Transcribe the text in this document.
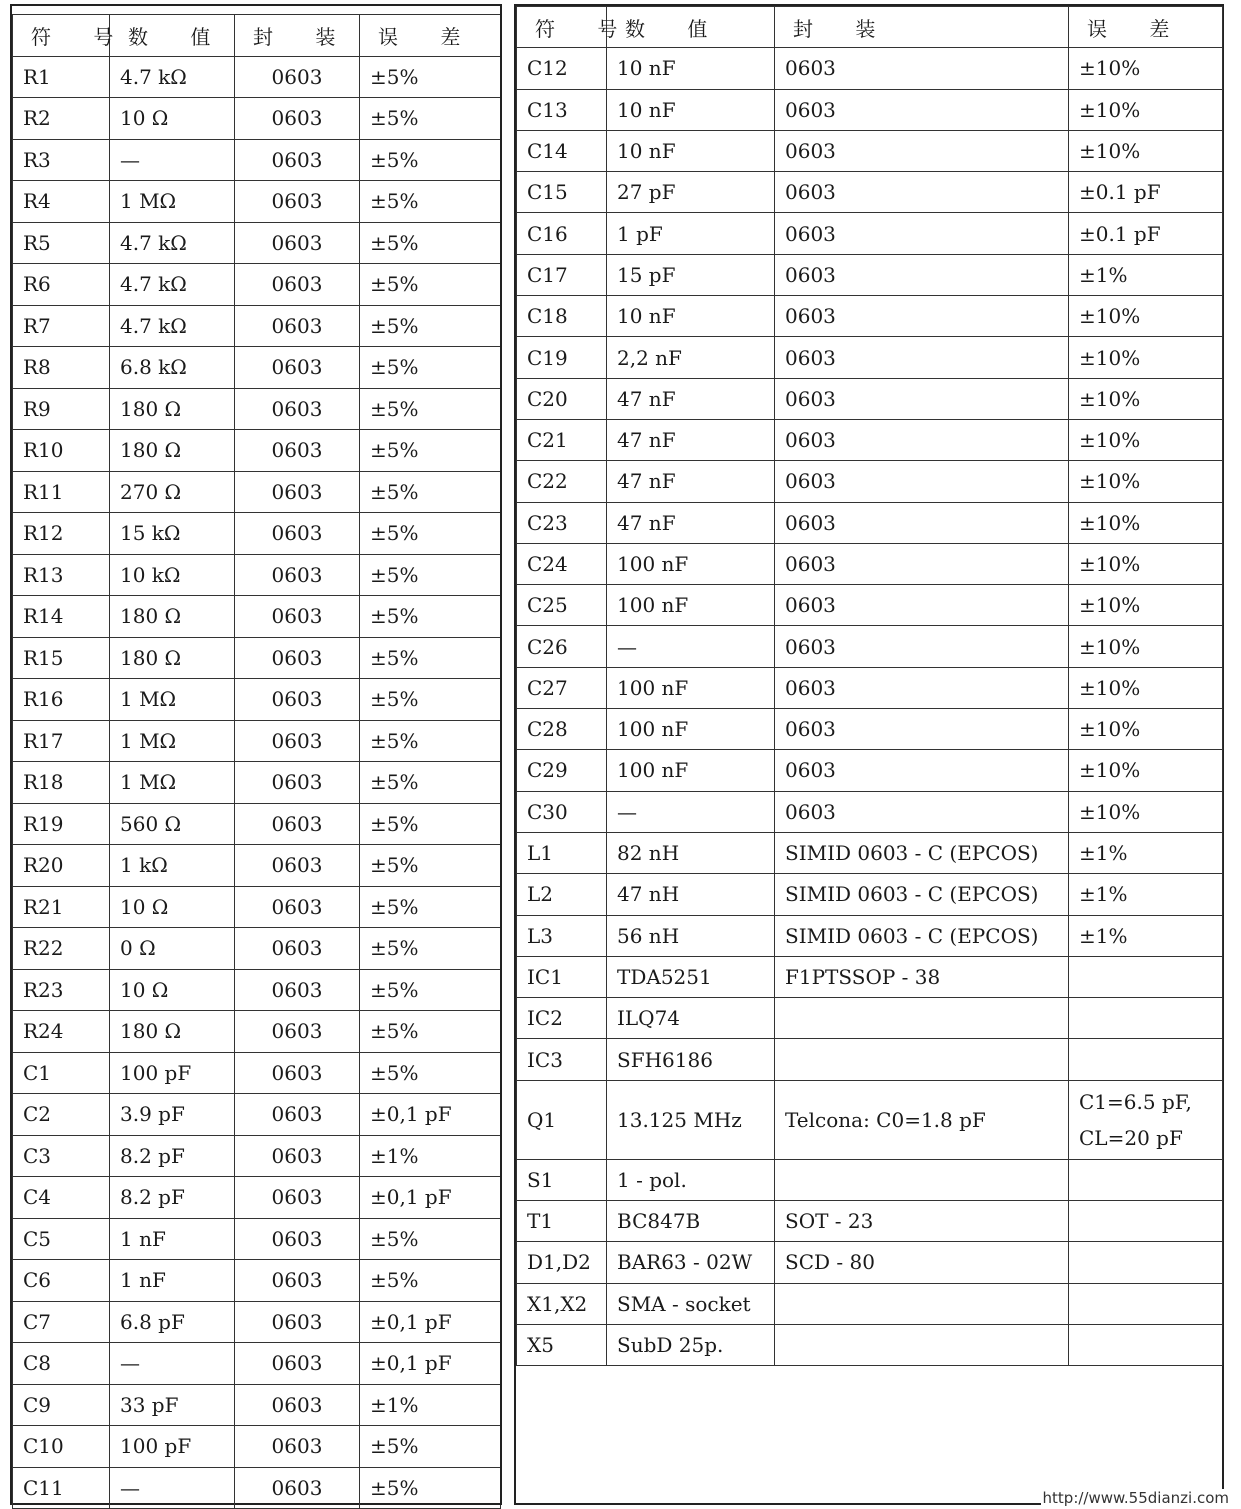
符 号	数 值	封 装	误 差
R1	4.7 kΩ	0603	±5%
R2	10 Ω	0603	±5%
R3	—	0603	±5%
R4	1 MΩ	0603	±5%
R5	4.7 kΩ	0603	±5%
R6	4.7 kΩ	0603	±5%
R7	4.7 kΩ	0603	±5%
R8	6.8 kΩ	0603	±5%
R9	180 Ω	0603	±5%
R10	180 Ω	0603	±5%
R11	270 Ω	0603	±5%
R12	15 kΩ	0603	±5%
R13	10 kΩ	0603	±5%
R14	180 Ω	0603	±5%
R15	180 Ω	0603	±5%
R16	1 MΩ	0603	±5%
R17	1 MΩ	0603	±5%
R18	1 MΩ	0603	±5%
R19	560 Ω	0603	±5%
R20	1 kΩ	0603	±5%
R21	10 Ω	0603	±5%
R22	0 Ω	0603	±5%
R23	10 Ω	0603	±5%
R24	180 Ω	0603	±5%
C1	100 pF	0603	±5%
C2	3.9 pF	0603	±0,1 pF
C3	8.2 pF	0603	±1%
C4	8.2 pF	0603	±0,1 pF
C5	1 nF	0603	±5%
C6	1 nF	0603	±5%
C7	6.8 pF	0603	±0,1 pF
C8	—	0603	±0,1 pF
C9	33 pF	0603	±1%
C10	100 pF	0603	±5%
C11	—	0603	±5%
符 号	数 值	封 装	误 差
C12	10 nF	0603	±10%
C13	10 nF	0603	±10%
C14	10 nF	0603	±10%
C15	27 pF	0603	±0.1 pF
C16	1 pF	0603	±0.1 pF
C17	15 pF	0603	±1%
C18	10 nF	0603	±10%
C19	2,2 nF	0603	±10%
C20	47 nF	0603	±10%
C21	47 nF	0603	±10%
C22	47 nF	0603	±10%
C23	47 nF	0603	±10%
C24	100 nF	0603	±10%
C25	100 nF	0603	±10%
C26	—	0603	±10%
C27	100 nF	0603	±10%
C28	100 nF	0603	±10%
C29	100 nF	0603	±10%
C30	—	0603	±10%
L1	82 nH	SIMID 0603 - C (EPCOS)	±1%
L2	47 nH	SIMID 0603 - C (EPCOS)	±1%
L3	56 nH	SIMID 0603 - C (EPCOS)	±1%
IC1	TDA5251	F1PTSSOP - 38	
IC2	ILQ74		
IC3	SFH6186		
Q1	13.125 MHz	Telcona: C0=1.8 pF	C1=6.5 pF, CL=20 pF
S1	1 - pol.		
T1	BC847B	SOT - 23	
D1,D2	BAR63 - 02W	SCD - 80	
X1,X2	SMA - socket		
X5	SubD 25p.		
http://www.55dianzi.com
